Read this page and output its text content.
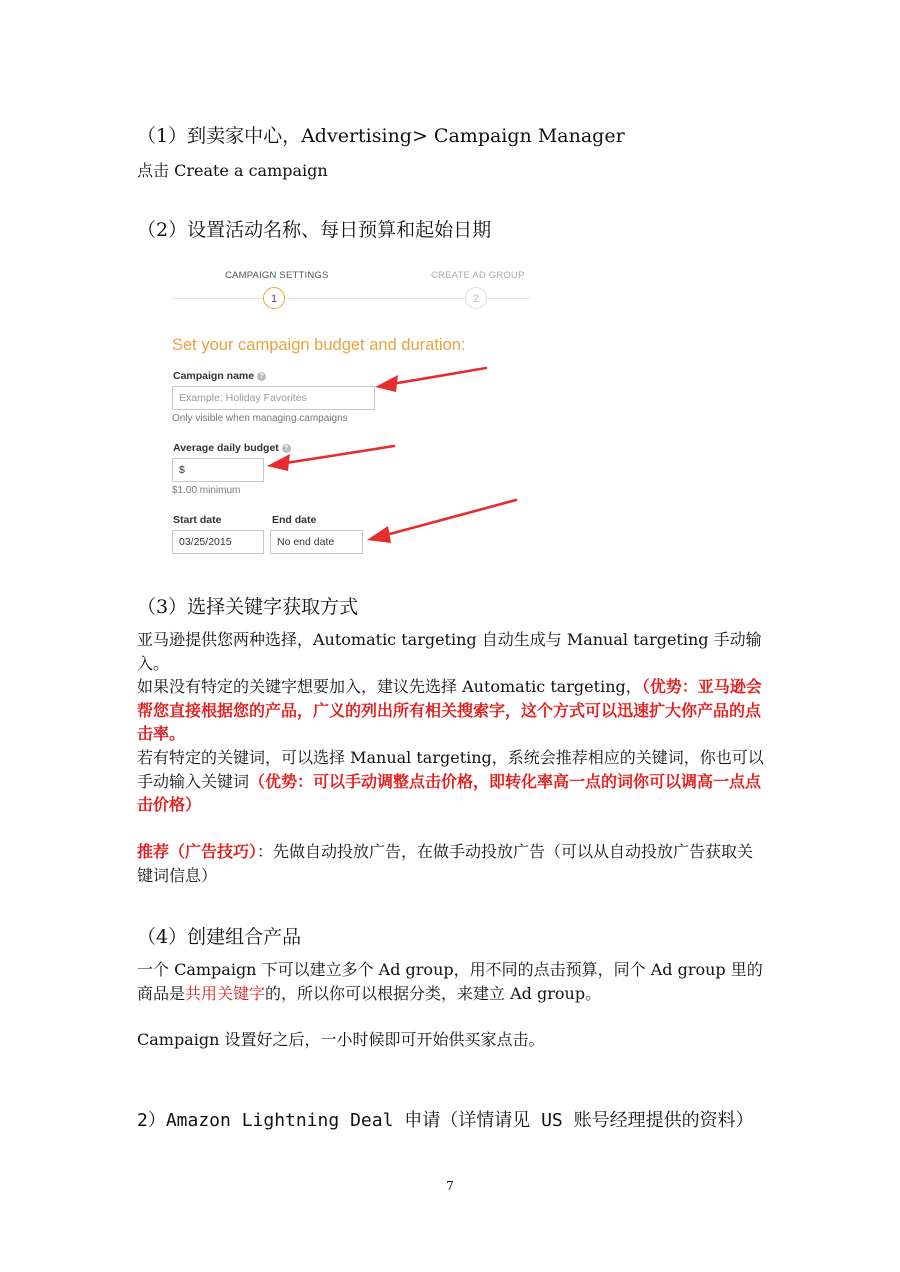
（1）到卖家中心，Advertising> Campaign Manager
点击 Create a campaign
（2）设置活动名称、每日预算和起始日期
CAMPAIGN SETTINGS
1
CREATE AD GROUP
2
Set your campaign budget and duration:
Campaign name ?
Example: Holiday Favorites
Only visible when managing campaigns
Average daily budget ?
$
$1.00 minimum
Start date
03/25/2015
End date
No end date
（3）选择关键字获取方式
亚马逊提供您两种选择，Automatic targeting 自动生成与 Manual targeting 手动输入。
如果没有特定的关键字想要加入，建议先选择 Automatic targeting，（优势：亚马逊会帮您直接根据您的产品，广义的列出所有相关搜索字，这个方式可以迅速扩大你产品的点击率。
若有特定的关键词，可以选择 Manual targeting，系统会推荐相应的关键词，你也可以手动输入关键词（优势：可以手动调整点击价格，即转化率高一点的词你可以调高一点点击价格）
推荐（广告技巧）：先做自动投放广告，在做手动投放广告（可以从自动投放广告获取关键词信息）
（4）创建组合产品
一个 Campaign 下可以建立多个 Ad group，用不同的点击预算，同个 Ad group 里的商品是共用关键字的，所以你可以根据分类，来建立 Ad group。
Campaign 设置好之后，一小时候即可开始供买家点击。
2）Amazon Lightning Deal 申请（详情请见 US 账号经理提供的资料）
7
